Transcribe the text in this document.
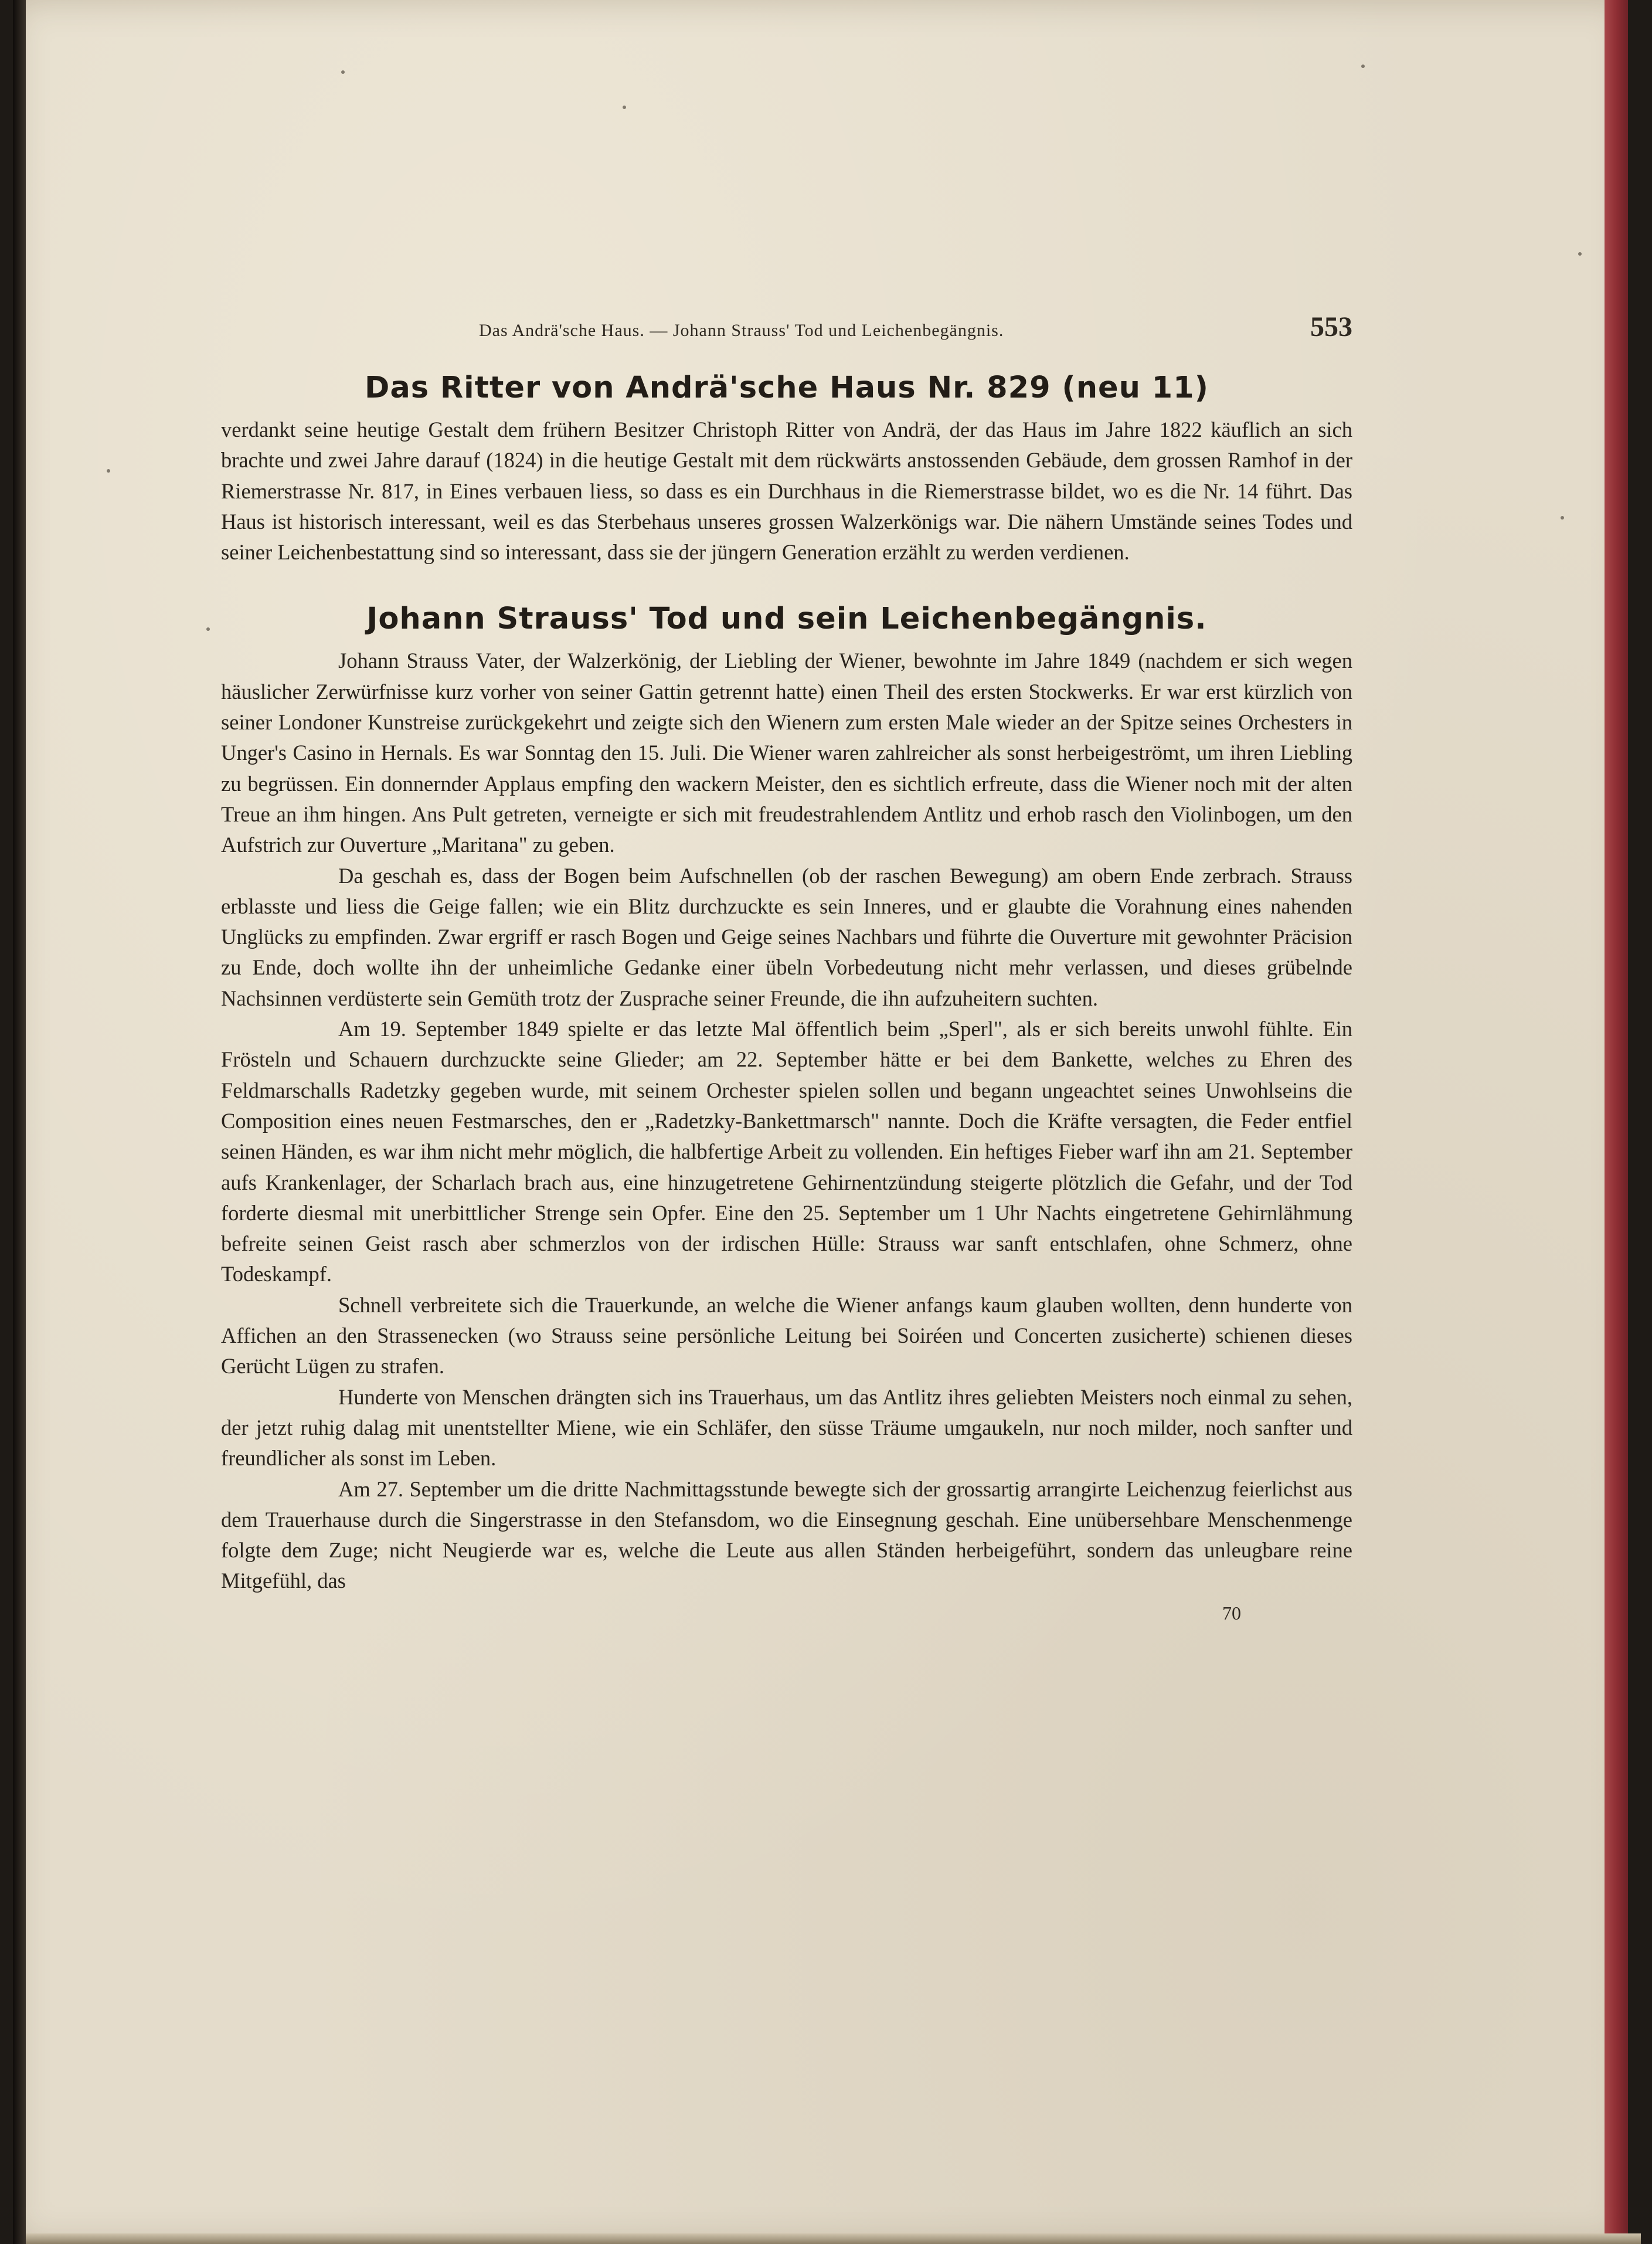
Das Andrä'sche Haus. — Johann Strauss' Tod und Leichenbegängnis.	553
Das Ritter von Andrä'sche Haus Nr. 829 (neu 11)

verdankt seine heutige Gestalt dem frühern Besitzer Christoph Ritter von Andrä, der das Haus im Jahre 1822 käuflich an sich brachte und zwei Jahre darauf (1824) in die heutige Gestalt mit dem rückwärts anstossenden Gebäude, dem grossen Ramhof in der Riemerstrasse Nr. 817, in Eines verbauen liess, so dass es ein Durchhaus in die Riemerstrasse bildet, wo es die Nr. 14 führt. Das Haus ist historisch interessant, weil es das Sterbehaus unseres grossen Walzerkönigs war. Die nähern Umstände seines Todes und seiner Leichenbestattung sind so interessant, dass sie der jüngern Generation erzählt zu werden verdienen.

Johann Strauss' Tod und sein Leichenbegängnis.

Johann Strauss Vater, der Walzerkönig, der Liebling der Wiener, bewohnte im Jahre 1849 (nachdem er sich wegen häuslicher Zerwürfnisse kurz vorher von seiner Gattin getrennt hatte) einen Theil des ersten Stockwerks. Er war erst kürzlich von seiner Londoner Kunstreise zurückgekehrt und zeigte sich den Wienern zum ersten Male wieder an der Spitze seines Orchesters in Unger's Casino in Hernals. Es war Sonntag den 15. Juli. Die Wiener waren zahlreicher als sonst herbeigeströmt, um ihren Liebling zu begrüssen. Ein donnernder Applaus empfing den wackern Meister, den es sichtlich erfreute, dass die Wiener noch mit der alten Treue an ihm hingen. Ans Pult getreten, verneigte er sich mit freudestrahlendem Antlitz und erhob rasch den Violinbogen, um den Aufstrich zur Ouverture „Maritana" zu geben.

Da geschah es, dass der Bogen beim Aufschnellen (ob der raschen Bewegung) am obern Ende zerbrach. Strauss erblasste und liess die Geige fallen; wie ein Blitz durchzuckte es sein Inneres, und er glaubte die Vorahnung eines nahenden Unglücks zu empfinden. Zwar ergriff er rasch Bogen und Geige seines Nachbars und führte die Ouverture mit gewohnter Präcision zu Ende, doch wollte ihn der unheimliche Gedanke einer übeln Vorbedeutung nicht mehr verlassen, und dieses grübelnde Nachsinnen verdüsterte sein Gemüth trotz der Zusprache seiner Freunde, die ihn aufzuheitern suchten.

Am 19. September 1849 spielte er das letzte Mal öffentlich beim „Sperl", als er sich bereits unwohl fühlte. Ein Frösteln und Schauern durchzuckte seine Glieder; am 22. September hätte er bei dem Bankette, welches zu Ehren des Feldmarschalls Radetzky gegeben wurde, mit seinem Orchester spielen sollen und begann ungeachtet seines Unwohlseins die Composition eines neuen Festmarsches, den er „Radetzky-Bankettmarsch" nannte. Doch die Kräfte versagten, die Feder entfiel seinen Händen, es war ihm nicht mehr möglich, die halbfertige Arbeit zu vollenden. Ein heftiges Fieber warf ihn am 21. September aufs Krankenlager, der Scharlach brach aus, eine hinzugetretene Gehirnentzündung steigerte plötzlich die Gefahr, und der Tod forderte diesmal mit unerbittlicher Strenge sein Opfer. Eine den 25. September um 1 Uhr Nachts eingetretene Gehirnlähmung befreite seinen Geist rasch aber schmerzlos von der irdischen Hülle: Strauss war sanft entschlafen, ohne Schmerz, ohne Todeskampf.

Schnell verbreitete sich die Trauerkunde, an welche die Wiener anfangs kaum glauben wollten, denn hunderte von Affichen an den Strassenecken (wo Strauss seine persönliche Leitung bei Soiréen und Concerten zusicherte) schienen dieses Gerücht Lügen zu strafen.

Hunderte von Menschen drängten sich ins Trauerhaus, um das Antlitz ihres geliebten Meisters noch einmal zu sehen, der jetzt ruhig dalag mit unentstellter Miene, wie ein Schläfer, den süsse Träume umgaukeln, nur noch milder, noch sanfter und freundlicher als sonst im Leben.

Am 27. September um die dritte Nachmittagsstunde bewegte sich der grossartig arrangirte Leichenzug feierlichst aus dem Trauerhause durch die Singerstrasse in den Stefansdom, wo die Einsegnung geschah. Eine unübersehbare Menschenmenge folgte dem Zuge; nicht Neugierde war es, welche die Leute aus allen Ständen herbeigeführt, sondern das unleugbare reine Mitgefühl, das

70
